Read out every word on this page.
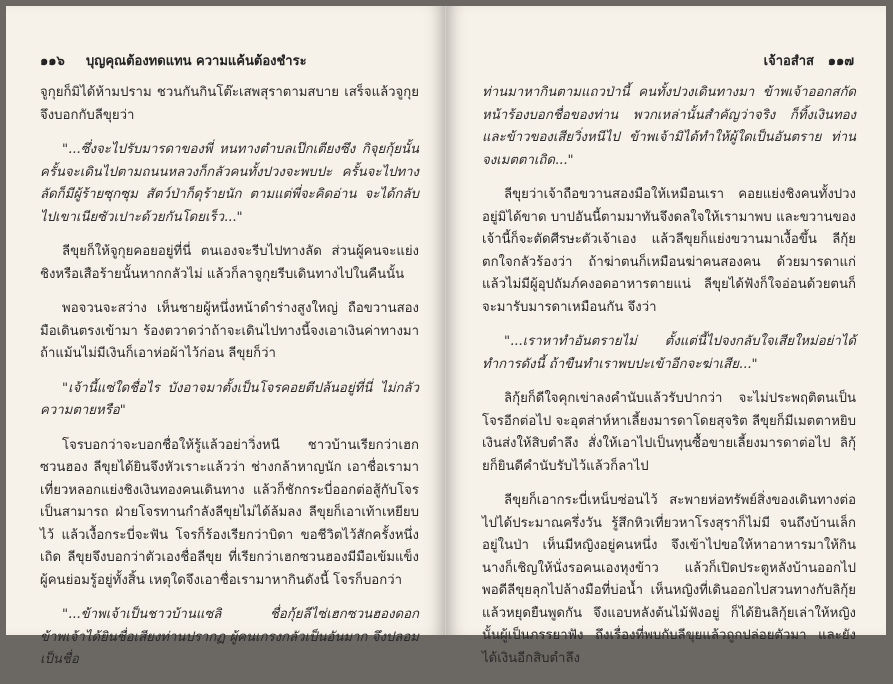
๑๑๖ บุญคุณต้องทดแทน ความแค้นต้องชำระ

จูกุยก็มิได้ห้ามปราม ชวนกันกินโต๊ะเสพสุราตามสบาย เสร็จแล้วจูกุยจึงบอกกับลีขุยว่า

"...ซึ่งจะไปรับมารดาของพี่ หนทางตำบลเป๊กเตียงซึง กิจุยกุ้ยนั้น ครั้นจะเดินไปตามถนนหลวงก็กลัวคนทั้งปวงจะพบปะ ครั้นจะไปทางลัดก็มีผู้ร้ายซุกซุม สัตว์ป่าก็ดุร้ายนัก ตามแต่พี่จะคิดอ่าน จะได้กลับไปเขาเนียซัวเปาะด้วยกันโดยเร็ว..."

ลีขุยก็ให้จูกุยคอยอยู่ที่นี่ ตนเองจะรีบไปทางลัด ส่วนผู้คนจะแย่งชิงหรือเสือร้ายนั้นหากกลัวไม่ แล้วก็ลาจูกุยรีบเดินทางไปในคืนนั้น

พอจวนจะสว่าง เห็นชายผู้หนึ่งหน้าดำร่างสูงใหญ่ ถือขวานสองมือเดินตรงเข้ามา ร้องตวาดว่าถ้าจะเดินไปทางนี้จงเอาเงินค่าทางมา ถ้าแม้นไม่มีเงินก็เอาห่อผ้าไว้ก่อน ลีขุยก็ว่า

"เจ้านี้แซ่ใดชื่อไร บังอาจมาตั้งเป็นโจรคอยตีปล้นอยู่ที่นี่ ไม่กลัวความตายหรือ"

โจรบอกว่าจะบอกชื่อให้รู้แล้วอย่าวิ่งหนี ชาวบ้านเรียกว่าเฮกซวนฮอง ลีขุยได้ยินจึงหัวเราะแล้วว่า ช่างกล้าหาญนัก เอาชื่อเรามาเที่ยวหลอกแย่งชิงเงินทองคนเดินทาง แล้วก็ชักกระบี่ออกต่อสู้กับโจรเป็นสามารถ ฝ่ายโจรทานกำลังลีขุยไม่ได้ล้มลง ลีขุยก็เอาเท้าเหยียบไว้ แล้วเงื้อกระบี่จะฟัน โจรก็ร้องเรียกว่าบิดา ขอชีวิตไว้สักครั้งหนึ่งเถิด ลีขุยจึงบอกว่าตัวเองชื่อลีขุย ที่เรียกว่าเฮกซวนฮองมีมือเข้มแข็งผู้คนย่อมรู้อยู่ทั้งสิ้น เหตุใดจึงเอาชื่อเรามาหากินดังนี้ โจรก็บอกว่า

"...ข้าพเจ้าเป็นชาวบ้านแซลิ ชื่อกุ้ยลีไซ่เฮกซวนฮองดอก ข้าพเจ้าได้ยินชื่อเสียงท่านปรากฏ ผู้คนเกรงกลัวเป็นอันมาก จึงปลอมเป็นชื่อ

เจ้าอสำส ๑๑๗

ท่านมาหากินตามแถวป่านี้ คนทั้งปวงเดินทางมา ข้าพเจ้าออกสกัดหน้าร้องบอกชื่อของท่าน พวกเหล่านั้นสำคัญว่าจริง ก็ทิ้งเงินทองและข้าวของเสียวิ่งหนีไป ข้าพเจ้ามิได้ทำให้ผู้ใดเป็นอันตราย ท่านจงเมตตาเถิด..."

ลีขุยว่าเจ้าถือขวานสองมือให้เหมือนเรา คอยแย่งชิงคนทั้งปวงอยู่มิได้ขาด บาปอันนี้ตามมาทันจึงดลใจให้เรามาพบ และขวานของเจ้านี้ก็จะตัดศีรษะตัวเจ้าเอง แล้วลีขุยก็แย่งขวานมาเงื้อขึ้น ลีกุ้ยตกใจกลัวร้องว่า ถ้าฆ่าตนก็เหมือนฆ่าคนสองคน ด้วยมารดาแก่แล้วไม่มีผู้อุปถัมภ์คงอดอาหารตายแน่ ลีขุยได้ฟังก็ใจอ่อนด้วยตนก็จะมารับมารดาเหมือนกัน จึงว่า

"...เราหาทำอันตรายไม่ ตั้งแต่นี้ไปจงกลับใจเสียใหม่อย่าได้ทำการดังนี้ ถ้าขืนทำเราพบปะเข้าอีกจะฆ่าเสีย..."

ลิกุ้ยก็ดีใจคุกเข่าลงคำนับแล้วรับปากว่า จะไม่ประพฤติตนเป็นโจรอีกต่อไป จะอุตส่าห์หาเลี้ยงมารดาโดยสุจริต ลีขุยก็มีเมตตาหยิบเงินส่งให้สิบตำลึง สั่งให้เอาไปเป็นทุนซื้อขายเลี้ยงมารดาต่อไป ลิกุ้ยก็ยินดีคำนับรับไว้แล้วก็ลาไป

ลีขุยก็เอากระบี่เหน็บซ่อนไว้ สะพายห่อทรัพย์สิ่งของเดินทางต่อไปได้ประมาณครึ่งวัน รู้สึกหิวเที่ยวหาโรงสุราก็ไม่มี จนถึงบ้านเล็กอยู่ในป่า เห็นมีหญิงอยู่คนหนึ่ง จึงเข้าไปขอให้หาอาหารมาให้กิน นางก็เชิญให้นั่งรอคนเองหุงข้าว แล้วก็เปิดประตูหลังบ้านออกไป พอดีลีขุยลุกไปล้างมือที่บ่อน้ำ เห็นหญิงที่เดินออกไปสวนทางกับลิกุ้ยแล้วหยุดยืนพูดกัน จึงแอบหลังต้นไม้ฟังอยู่ ก็ได้ยินลิกุ้ยเล่าให้หญิงนั้นผู้เป็นภรรยาฟัง ถึงเรื่องที่พบกับลีขุยแล้วถูกปล่อยตัวมา และยังได้เงินอีกสิบตำลึง
